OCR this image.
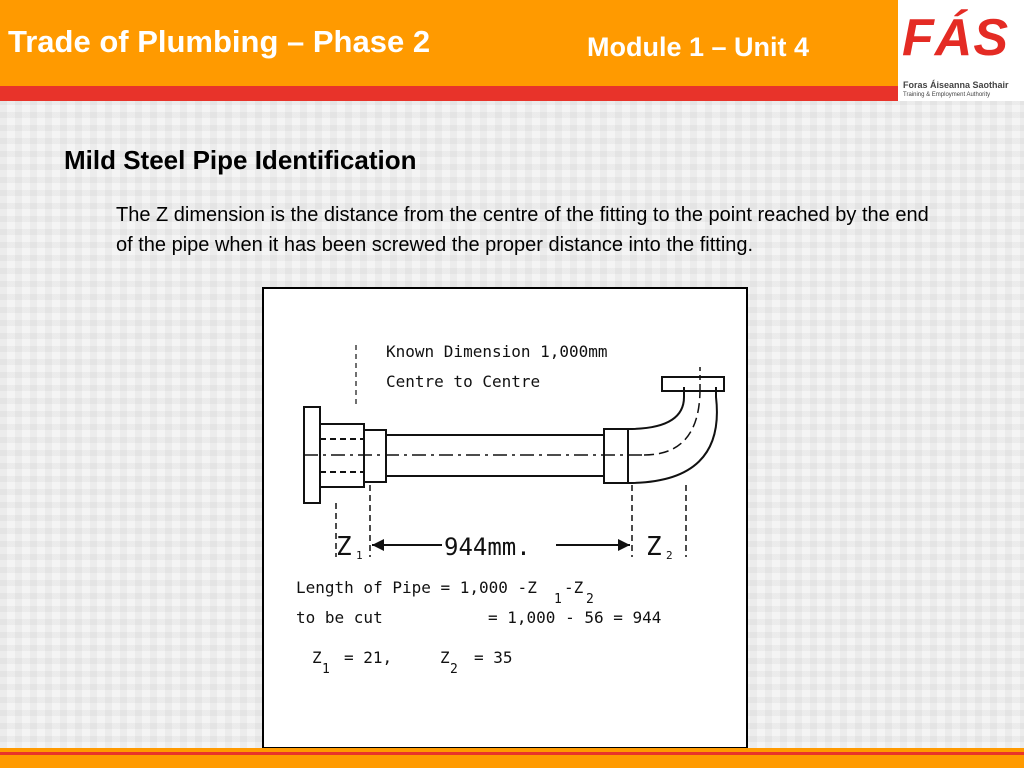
Trade of Plumbing – Phase 2	Module 1 – Unit 4 FÁS
Foras Áiseanna Saothair
Training & Employment Authority
Mild Steel Pipe Identification
The Z dimension is the distance from the centre of the fitting to the point reached by the end of the pipe when it has been screwed the proper distance into the fitting.
Known Dimension 1,000mm
Centre to Centre
Z 1	944mm.	Z 2
Length of Pipe = 1,000 -Z
1
-Z
2
to be cut	= 1,000 - 56 = 944
Z
1
= 21,	Z
2
= 35
